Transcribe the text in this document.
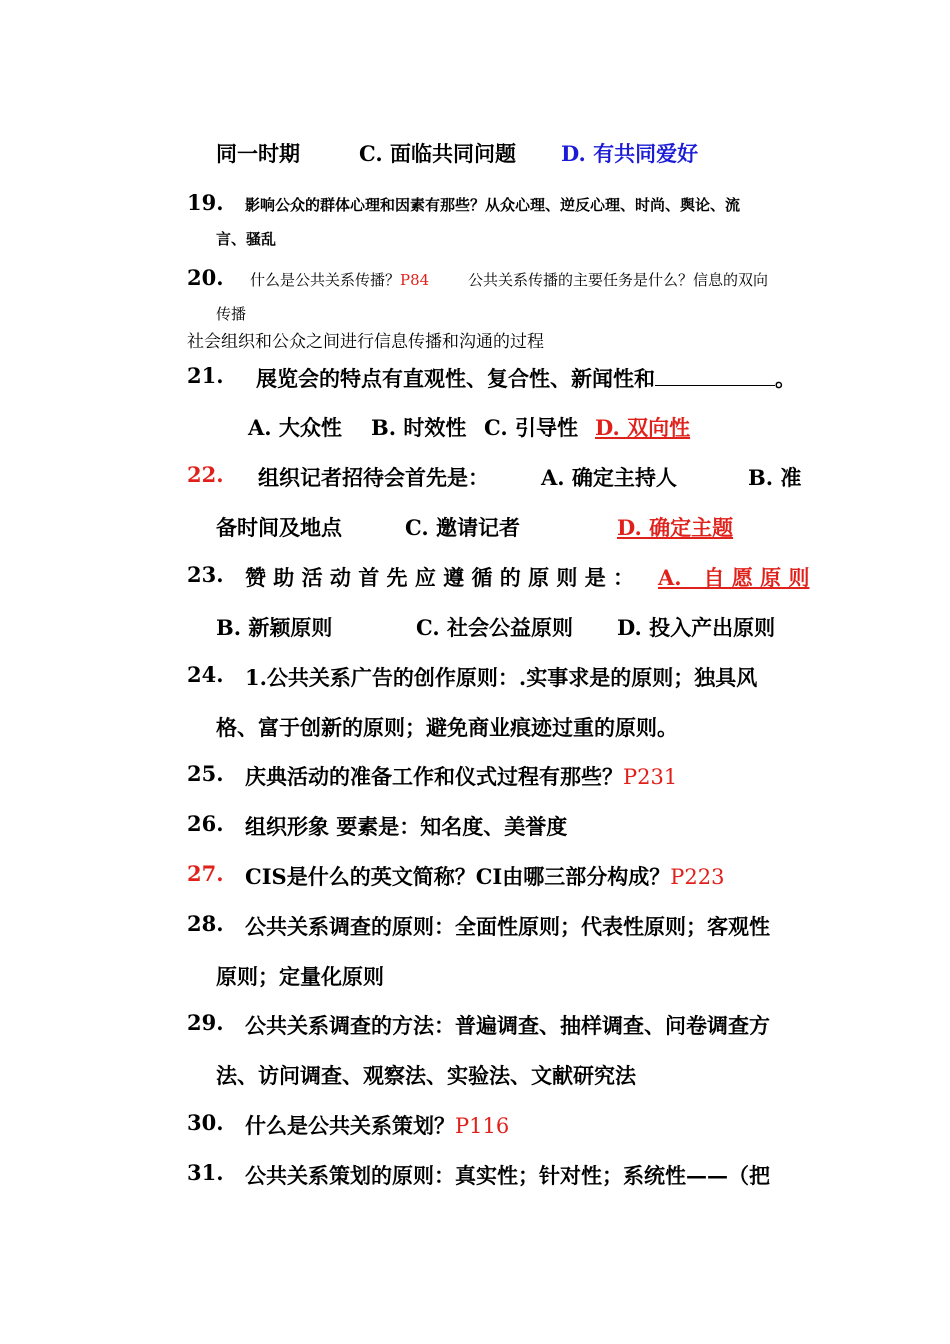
同一时期	C. 面临共同问题 D. 有共同爱好
19. 影响公众的群体心理和因素有那些？从众心理、逆反心理、时尚、舆论、流
言、骚乱
20. 什么是公共关系传播？P84	公共关系传播的主要任务是什么？信息的双向
传播
社会组织和公众之间进行信息传播和沟通的过程
21. 展览会的特点有直观性、复合性、新闻性和	。
A. 大众性 B. 时效性 C. 引导性 D. 双向性
22. 组织记者招待会首先是： A. 确定主持人	B. 准
备时间及地点	C. 邀请记者	D. 确定主题
23. 赞 助 活 动 首 先 应 遵 循 的 原 则 是 ： A.   自 愿 原 则
B. 新颖原则	C. 社会公益原则 D. 投入产出原则
24. 1.公共关系广告的创作原则：.实事求是的原则；独具风
格、富于创新的原则；避免商业痕迹过重的原则。
25. 庆典活动的准备工作和仪式过程有那些？P231
26. 组织形象 要素是：知名度、美誉度
27. CIS是什么的英文简称？CI由哪三部分构成？P223
28. 公共关系调查的原则：全面性原则；代表性原则；客观性
原则；定量化原则
29. 公共关系调查的方法：普遍调查、抽样调查、问卷调查方
法、访问调查、观察法、实验法、文献研究法
30. 什么是公共关系策划？P116
31. 公共关系策划的原则：真实性；针对性；系统性——（把
